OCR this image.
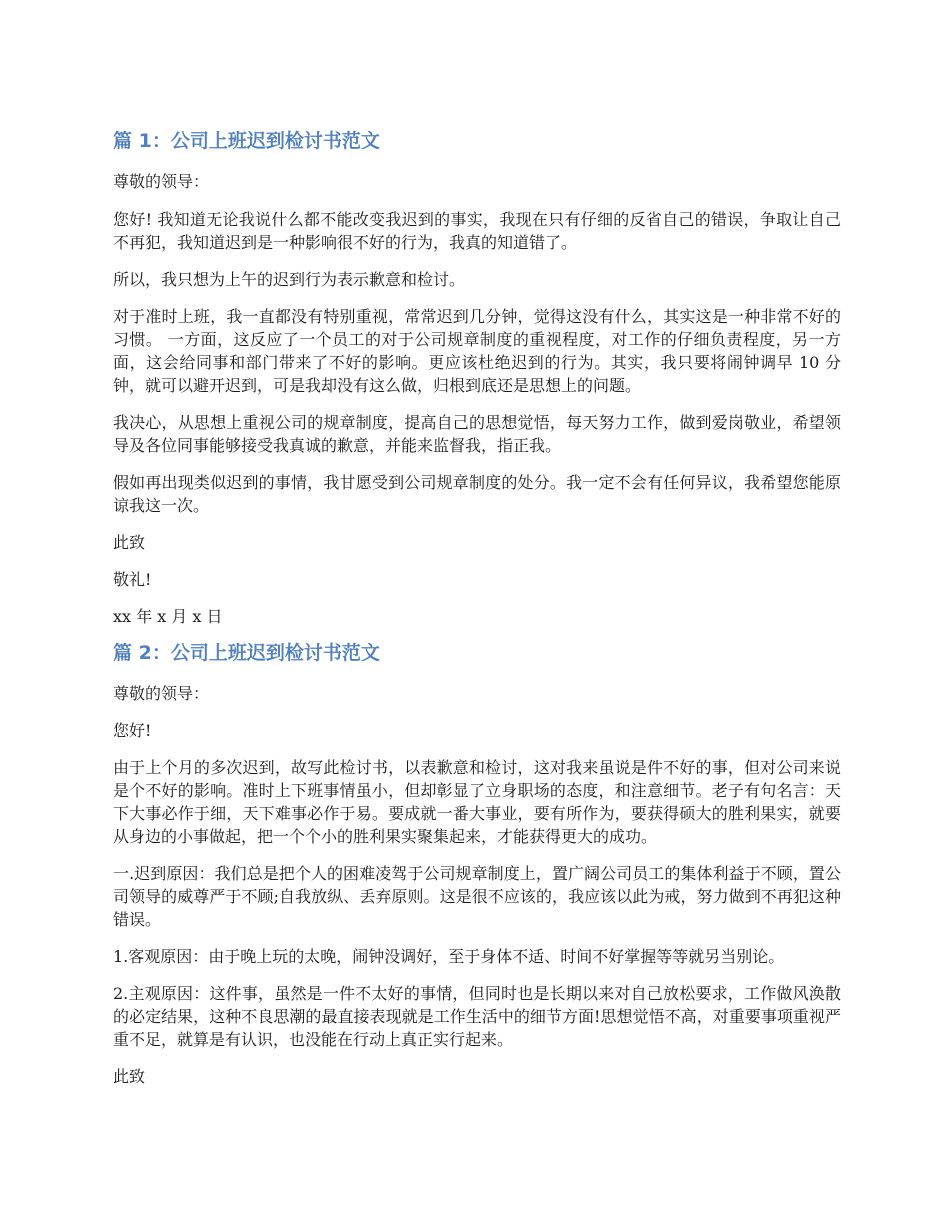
篇 1：公司上班迟到检讨书范文

尊敬的领导：

您好! 我知道无论我说什么都不能改变我迟到的事实，我现在只有仔细的反省自己的错误，争取让自己不再犯，我知道迟到是一种影响很不好的行为，我真的知道错了。

所以，我只想为上午的迟到行为表示歉意和检讨。

对于准时上班，我一直都没有特别重视，常常迟到几分钟，觉得这没有什么，其实这是一种非常不好的习惯。 一方面，这反应了一个员工的对于公司规章制度的重视程度，对工作的仔细负责程度，另一方面，这会给同事和部门带来了不好的影响。更应该杜绝迟到的行为。其实，我只要将闹钟调早 10 分钟，就可以避开迟到，可是我却没有这么做，归根到底还是思想上的问题。

我决心，从思想上重视公司的规章制度，提高自己的思想觉悟，每天努力工作，做到爱岗敬业，希望领导及各位同事能够接受我真诚的歉意，并能来监督我，指正我。

假如再出现类似迟到的事情，我甘愿受到公司规章制度的处分。我一定不会有任何异议，我希望您能原谅我这一次。

此致

敬礼!

xx 年 x 月 x 日

篇 2：公司上班迟到检讨书范文

尊敬的领导：

您好!

由于上个月的多次迟到，故写此检讨书，以表歉意和检讨，这对我来虽说是件不好的事，但对公司来说是个不好的影响。准时上下班事情虽小，但却彰显了立身职场的态度，和注意细节。老子有句名言：天下大事必作于细，天下难事必作于易。要成就一番大事业，要有所作为，要获得硕大的胜利果实，就要从身边的小事做起，把一个个小的胜利果实聚集起来，才能获得更大的成功。

一.迟到原因：我们总是把个人的困难凌驾于公司规章制度上，置广阔公司员工的集体利益于不顾，置公司领导的威尊严于不顾;自我放纵、丢弃原则。这是很不应该的，我应该以此为戒，努力做到不再犯这种错误。

1.客观原因：由于晚上玩的太晚，闹钟没调好，至于身体不适、时间不好掌握等等就另当别论。

2.主观原因：这件事，虽然是一件不太好的事情，但同时也是长期以来对自己放松要求，工作做风涣散的必定结果，这种不良思潮的最直接表现就是工作生活中的细节方面!思想觉悟不高，对重要事项重视严重不足，就算是有认识，也没能在行动上真正实行起来。

此致
